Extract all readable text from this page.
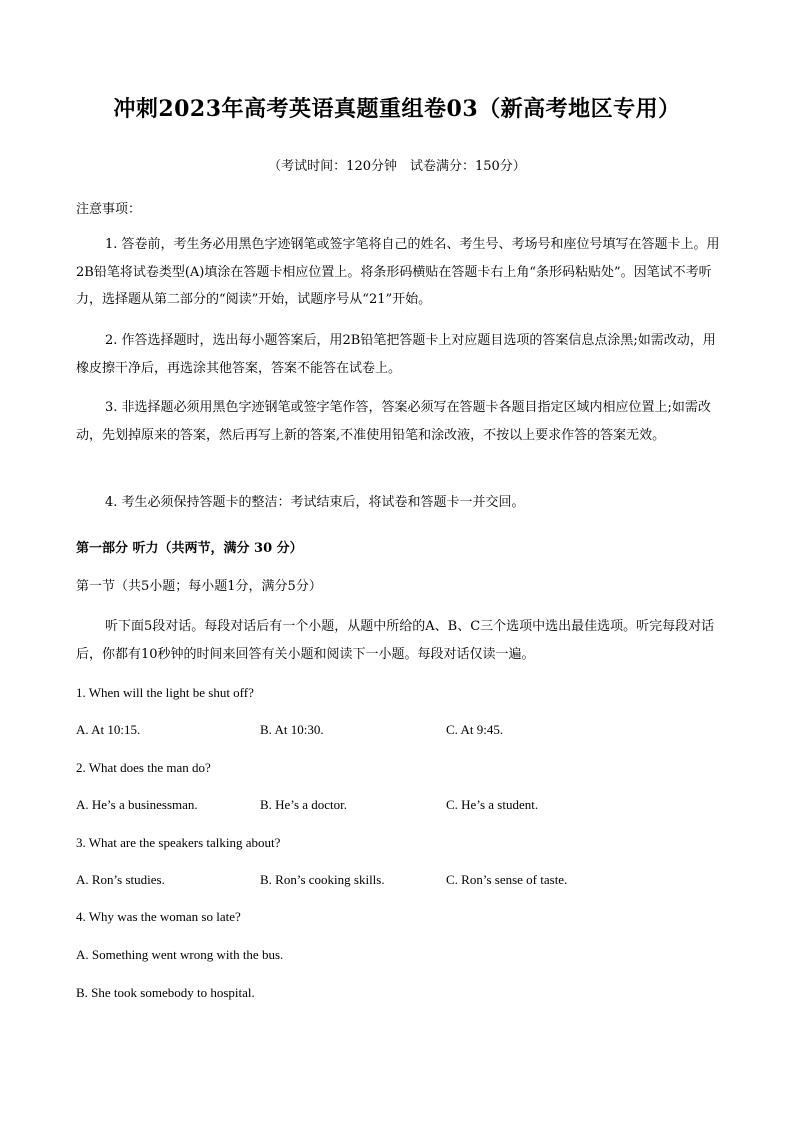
冲刺2023年高考英语真题重组卷03（新高考地区专用）
（考试时间：120分钟　试卷满分：150分）
注意事项：

1. 答卷前，考生务必用黑色字迹钢笔或签字笔将自己的姓名、考生号、考场号和座位号填写在答题卡上。用2B铅笔将试卷类型(A)填涂在答题卡相应位置上。将条形码横贴在答题卡右上角“条形码粘贴处”。因笔试不考听力，选择题从第二部分的“阅读”开始，试题序号从“21”开始。

2. 作答选择题时，选出每小题答案后，用2B铅笔把答题卡上对应题目选项的答案信息点涂黑;如需改动，用橡皮擦干净后，再选涂其他答案，答案不能答在试卷上。

3. 非选择题必须用黑色字迹钢笔或签字笔作答，答案必须写在答题卡各题目指定区域内相应位置上;如需改动，先划掉原来的答案，然后再写上新的答案,不准使用铅笔和涂改液，不按以上要求作答的答案无效。

4. 考生必须保持答题卡的整洁：考试结束后，将试卷和答题卡一并交回。

第一部分 听力（共两节，满分 30 分）
第一节（共5小题；每小题1分，满分5分）

听下面5段对话。每段对话后有一个小题，从题中所给的A、B、C三个选项中选出最佳选项。听完每段对话后，你都有10秒钟的时间来回答有关小题和阅读下一小题。每段对话仅读一遍。

1. When will the light be shut off?
A. At 10:15.	B. At 10:30.	C. At 9:45.
2. What does the man do?
A. He’s a businessman.	B. He’s a doctor.	C. He’s a student.
3. What are the speakers talking about?
A. Ron’s studies.	B. Ron’s cooking skills.	C. Ron’s sense of taste.
4. Why was the woman so late?
A. Something went wrong with the bus.
B. She took somebody to hospital.
